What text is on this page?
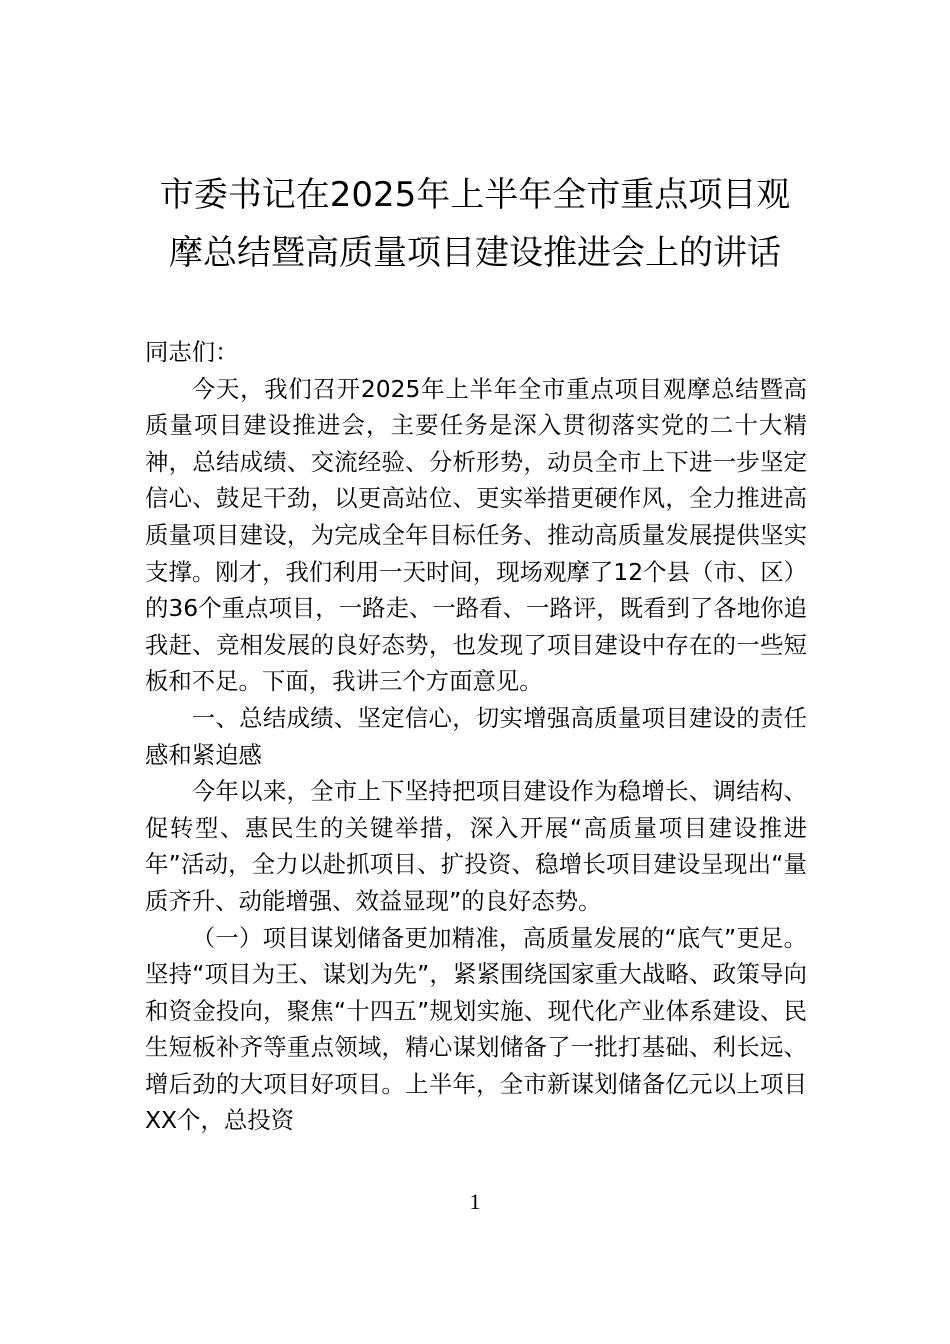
市委书记在2025年上半年全市重点项目观
摩总结暨高质量项目建设推进会上的讲话

同志们：

今天，我们召开2025年上半年全市重点项目观摩总结暨高质量项目建设推进会，主要任务是深入贯彻落实党的二十大精神，总结成绩、交流经验、分析形势，动员全市上下进一步坚定信心、鼓足干劲，以更高站位、更实举措更硬作风，全力推进高质量项目建设，为完成全年目标任务、推动高质量发展提供坚实支撑。刚才，我们利用一天时间，现场观摩了12个县（市、区）的36个重点项目，一路走、一路看、一路评，既看到了各地你追我赶、竞相发展的良好态势，也发现了项目建设中存在的一些短板和不足。下面，我讲三个方面意见。

一、总结成绩、坚定信心，切实增强高质量项目建设的责任感和紧迫感

今年以来，全市上下坚持把项目建设作为稳增长、调结构、促转型、惠民生的关键举措，深入开展“高质量项目建设推进年”活动，全力以赴抓项目、扩投资、稳增长项目建设呈现出“量质齐升、动能增强、效益显现”的良好态势。

（一）项目谋划储备更加精准，高质量发展的“底气”更足。坚持“项目为王、谋划为先”，紧紧围绕国家重大战略、政策导向和资金投向，聚焦“十四五”规划实施、现代化产业体系建设、民生短板补齐等重点领域，精心谋划储备了一批打基础、利长远、增后劲的大项目好项目。上半年，全市新谋划储备亿元以上项目XX个，总投资

1
